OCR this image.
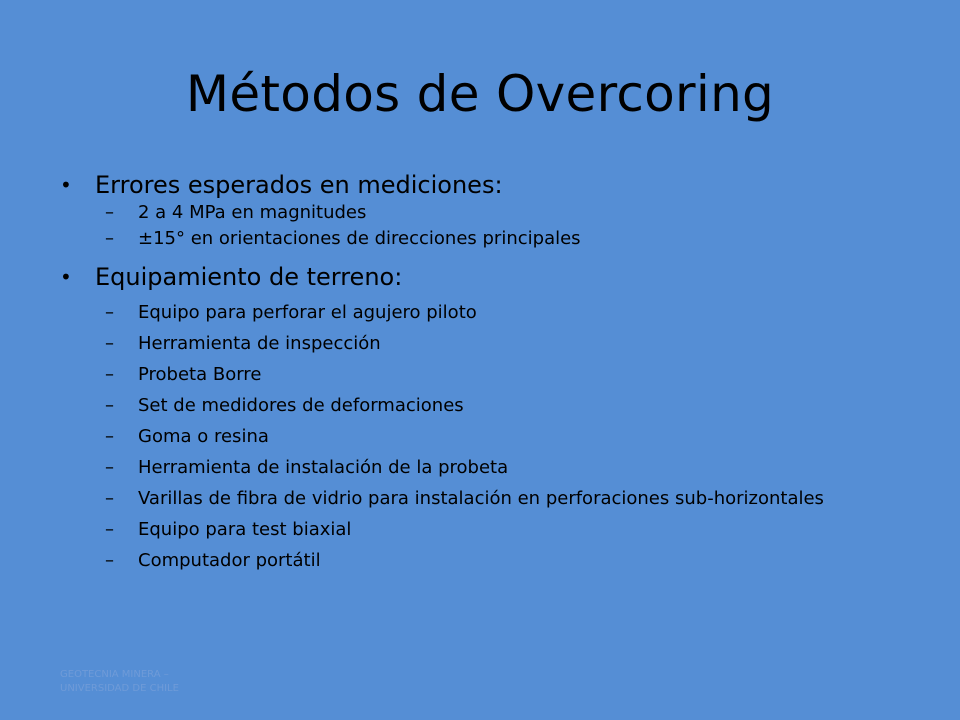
Métodos de Overcoring
• Errores esperados en mediciones:
– 2 a 4 MPa en magnitudes
– ±15° en orientaciones de direcciones principales
• Equipamiento de terreno:
– Equipo para perforar el agujero piloto
– Herramienta de inspección
– Probeta Borre
– Set de medidores de deformaciones
– Goma o resina
– Herramienta de instalación de la probeta
– Varillas de fibra de vidrio para instalación en perforaciones sub-horizontales
– Equipo para test biaxial
– Computador portátil
GEOTECNIA MINERA –
UNIVERSIDAD DE CHILE
